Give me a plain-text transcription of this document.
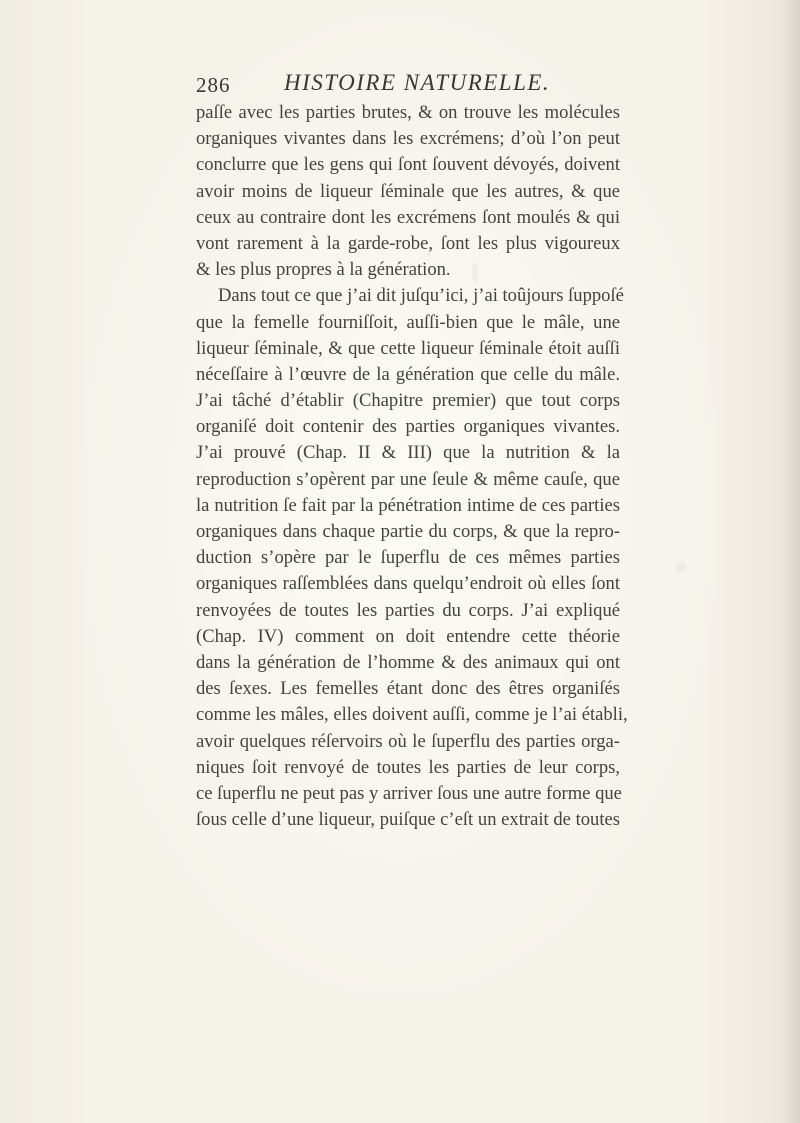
286 HISTOIRE NATURELLE.
paſſe avec les parties brutes, & on trouve les molécules
organiques vivantes dans les excrémens; d’où l’on peut
conclurre que les gens qui ſont ſouvent dévoyés, doivent
avoir moins de liqueur ſéminale que les autres, & que
ceux au contraire dont les excrémens ſont moulés & qui
vont rarement à la garde-robe, ſont les plus vigoureux
& les plus propres à la génération.
Dans tout ce que j’ai dit juſqu’ici, j’ai toûjours ſuppoſé
que la femelle fourniſſoit, auſſi-bien que le mâle, une
liqueur ſéminale, & que cette liqueur ſéminale étoit auſſi
néceſſaire à l’œuvre de la génération que celle du mâle.
J’ai tâché d’établir (Chapitre premier) que tout corps
organiſé doit contenir des parties organiques vivantes.
J’ai prouvé (Chap. II & III) que la nutrition & la
reproduction s’opèrent par une ſeule & même cauſe, que
la nutrition ſe fait par la pénétration intime de ces parties
organiques dans chaque partie du corps, & que la repro-
duction s’opère par le ſuperflu de ces mêmes parties
organiques raſſemblées dans quelqu’endroit où elles ſont
renvoyées de toutes les parties du corps. J’ai expliqué
(Chap. IV) comment on doit entendre cette théorie
dans la génération de l’homme & des animaux qui ont
des ſexes. Les femelles étant donc des êtres organiſés
comme les mâles, elles doivent auſſi, comme je l’ai établi,
avoir quelques réſervoirs où le ſuperflu des parties orga-
niques ſoit renvoyé de toutes les parties de leur corps,
ce ſuperflu ne peut pas y arriver ſous une autre forme que
ſous celle d’une liqueur, puiſque c’eſt un extrait de toutes
